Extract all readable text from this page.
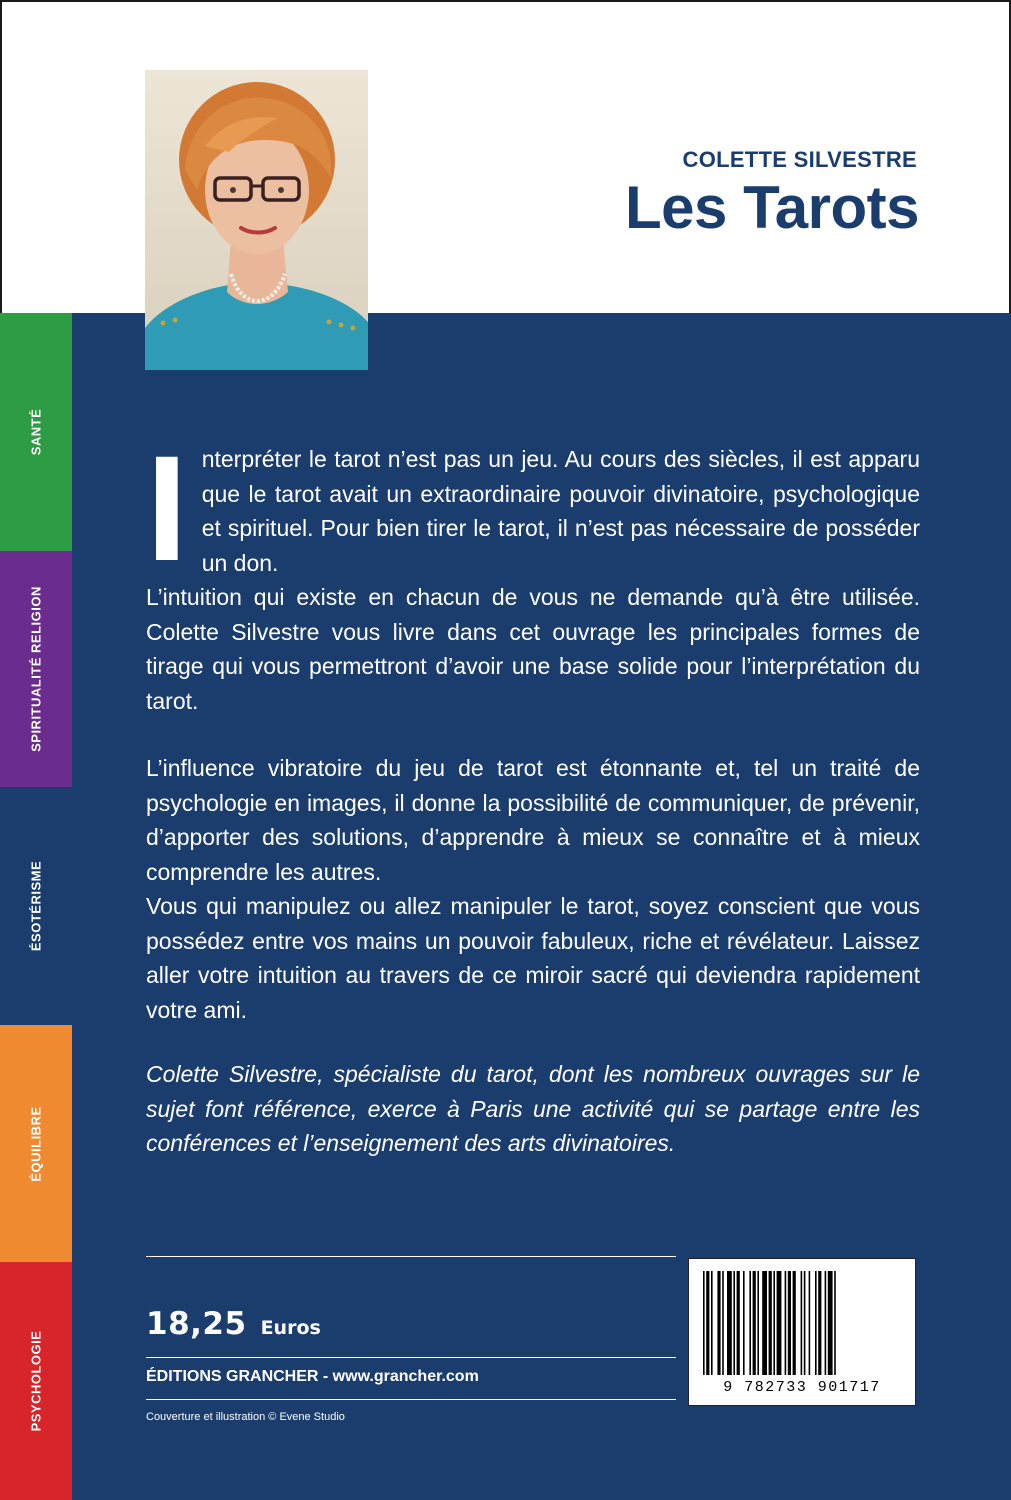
COLETTE SILVESTRE
Les Tarots
SANTÉ
SPIRITUALITÉ RELIGION
ÉSOTÉRISME
ÉQUILIBRE
PSYCHOLOGIE

Interpréter le tarot n’est pas un jeu. Au cours des siècles, il est apparu que le tarot avait un extraordinaire pouvoir divinatoire, psychologique et spirituel. Pour bien tirer le tarot, il n’est pas nécessaire de posséder un don.

L’intuition qui existe en chacun de vous ne demande qu’à être utilisée. Colette Silvestre vous livre dans cet ouvrage les principales formes de tirage qui vous permettront d’avoir une base solide pour l’interprétation du tarot.

L’influence vibratoire du jeu de tarot est étonnante et, tel un traité de psychologie en images, il donne la possibilité de communiquer, de prévenir, d’apporter des solutions, d’apprendre à mieux se connaître et à mieux comprendre les autres.

Vous qui manipulez ou allez manipuler le tarot, soyez conscient que vous possédez entre vos mains un pouvoir fabuleux, riche et révélateur. Laissez aller votre intuition au travers de ce miroir sacré qui deviendra rapidement votre ami.

Colette Silvestre, spécialiste du tarot, dont les nombreux ouvrages sur le sujet font référence, exerce à Paris une activité qui se partage entre les conférences et l’enseignement des arts divinatoires.

18,25 Euros
ÉDITIONS GRANCHER - www.grancher.com
Couverture et illustration © Evene Studio
9 782733 901717
